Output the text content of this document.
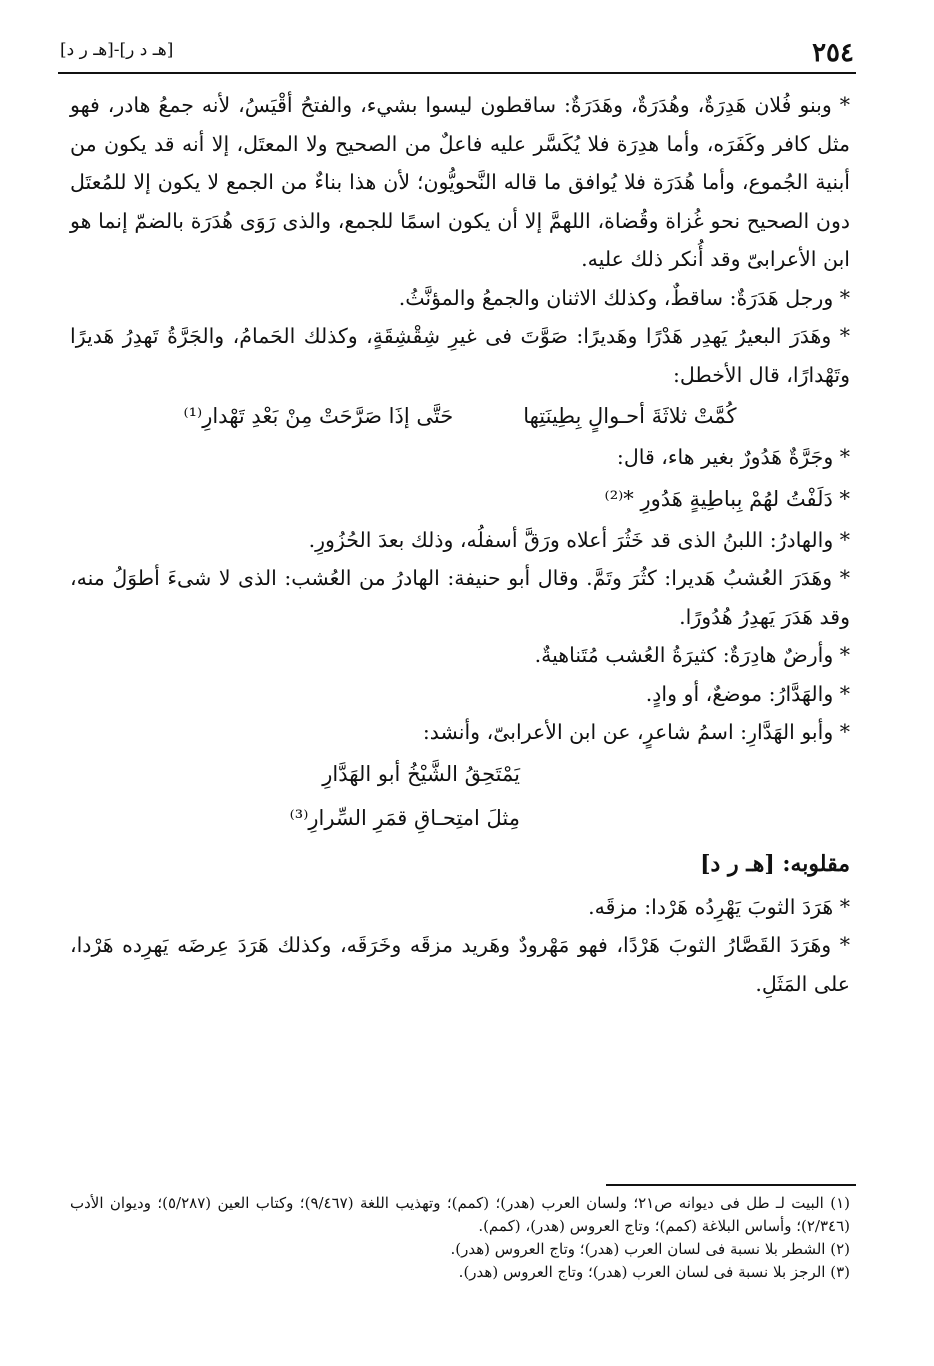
٢٥٤
[هـ د ر]-[هـ ر د]

* وبنو فُلان هَدِرَةٌ، وهُدَرَةٌ، وهَدَرَةٌ: ساقطون ليسوا بشيء، والفتحُ أقْيَسُ، لأنه جمعُ هادر، فهو مثل كافر وكَفَرَه، وأما هدِرَة فلا يُكَسَّر عليه فاعلٌ من الصحيح ولا المعتَل، إلا أنه قد يكون من أبنية الجُموع، وأما هُدَرَة فلا يُوافق ما قاله النَّحويُّون؛ لأن هذا بناءٌ من الجمع لا يكون إلا للمُعتَل دون الصحيح نحو غُزاة وقُضاة، اللهمَّ إلا أن يكون اسمًا للجمع، والذى رَوَى هُدَرَة بالضمّ إنما هو ابن الأعرابىّ وقد أُنكر ذلك عليه.

* ورجل هَدَرَةٌ: ساقطٌ، وكذلك الاثنان والجمعُ والمؤنَّثُ.

* وهَدَرَ البعيرُ يَهدِر هَدْرًا وهَديرًا: صَوَّتَ فى غيرِ شِقْشِقَةٍ، وكذلك الحَمامُ، والجَرَّةُ تَهدِرُ هَديرًا وتَهْدارًا، قال الأخطل:

كُمَّتْ ثلاثَةَ أحـوالٍ بِطِينَتِها
حَتَّى إذَا صَرَّحَتْ مِنْ بَعْدِ تَهْدارِ⁽¹⁾

* وجَرَّةٌ هَدُورٌ بغير هاء، قال:

* دَلَفْتُ لهُمْ بِباطِيةٍ هَدُورِ *⁽²⁾

* والهادرُ: اللبنُ الذى قد خَثُرَ أعلاه ورَقَّ أسفلُه، وذلك بعدَ الحُزُورِ.

* وهَدَرَ العُشبُ هَديرا: كثُرَ وتَمَّ. وقال أبو حنيفة: الهادرُ من العُشب: الذى لا شىءَ أطوَلُ منه، وقد هَدَرَ يَهدِرُ هُدُورًا.

* وأرضٌ هادِرَةٌ: كثيرَةُ العُشب مُتَناهيةٌ.

* والهَدَّارُ: موضعٌ، أو وادٍ.

* وأبو الهَدَّارِ: اسمُ شاعرٍ، عن ابن الأعرابىّ، وأنشد:

يَمْتَحِقُ الشَّيْخُ أبو الهَدَّارِ
مِثلَ امتِحـاقِ قمَرِ السِّرارِ⁽³⁾
مقلوبه: [هـ ر د]

* هَرَدَ الثوبَ يَهْرِدُه هَرْدا: مزقَه.

* وهَرَدَ القَصَّارُ الثوبَ هَرْدًا، فهو مَهْرودٌ وهَريد مزقَه وخَرَقَه، وكذلك هَرَدَ عِرضَه يَهرِده هَرْدا، على المَثَلِ.

(١) البيت لـ طل فى ديوانه ص٢١؛ ولسان العرب (هدر)؛ (كمم)؛ وتهذيب اللغة (٩/٤٦٧)؛ وكتاب العين (٥/٢٨٧)؛ وديوان الأدب (٢/٣٤٦)؛ وأساس البلاغة (كمم)؛ وتاج العروس (هدر)، (كمم).

(٢) الشطر بلا نسبة فى لسان العرب (هدر)؛ وتاج العروس (هدر).

(٣) الرجز بلا نسبة فى لسان العرب (هدر)؛ وتاج العروس (هدر).
